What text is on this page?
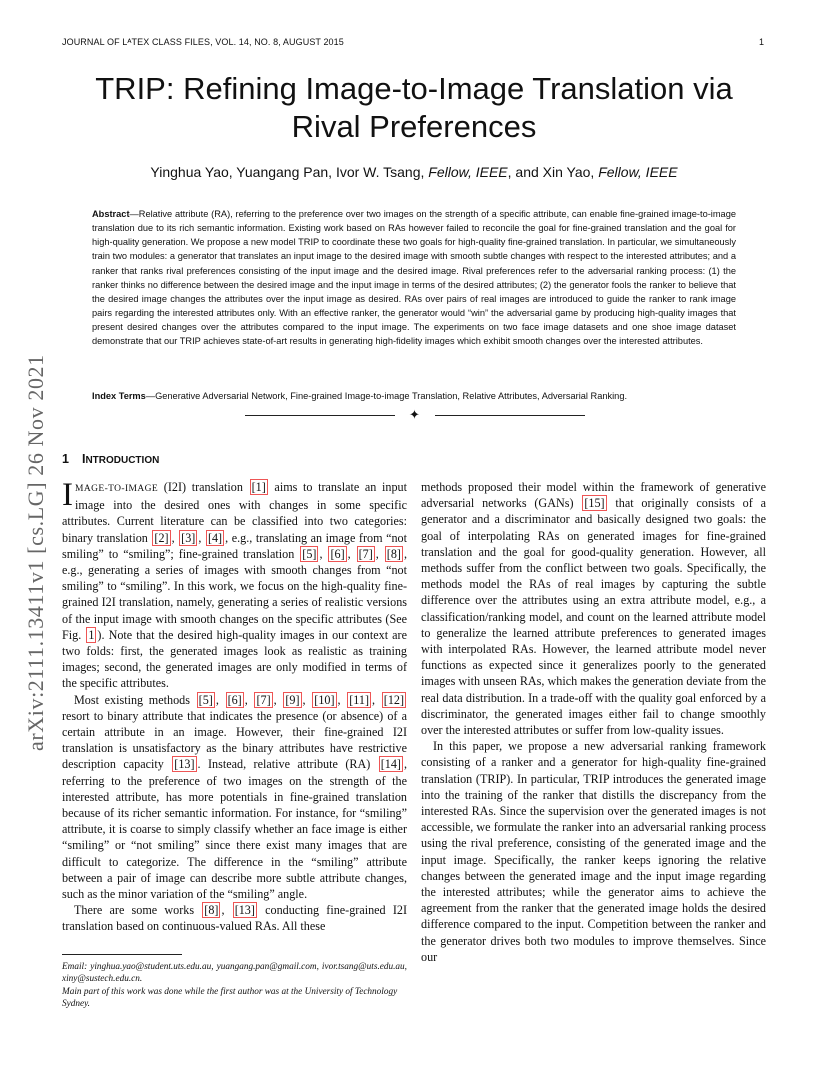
JOURNAL OF LᴬTEX CLASS FILES, VOL. 14, NO. 8, AUGUST 2015	1
TRIP: Refining Image-to-Image Translation via Rival Preferences
Yinghua Yao, Yuangang Pan, Ivor W. Tsang, Fellow, IEEE, and Xin Yao, Fellow, IEEE

Abstract—Relative attribute (RA), referring to the preference over two images on the strength of a specific attribute, can enable fine-grained image-to-image translation due to its rich semantic information. Existing work based on RAs however failed to reconcile the goal for fine-grained translation and the goal for high-quality generation. We propose a new model TRIP to coordinate these two goals for high-quality fine-grained translation. In particular, we simultaneously train two modules: a generator that translates an input image to the desired image with smooth subtle changes with respect to the interested attributes; and a ranker that ranks rival preferences consisting of the input image and the desired image. Rival preferences refer to the adversarial ranking process: (1) the ranker thinks no difference between the desired image and the input image in terms of the desired attributes; (2) the generator fools the ranker to believe that the desired image changes the attributes over the input image as desired. RAs over pairs of real images are introduced to guide the ranker to rank image pairs regarding the interested attributes only. With an effective ranker, the generator would “win” the adversarial game by producing high-quality images that present desired changes over the attributes compared to the input image. The experiments on two face image datasets and one shoe image dataset demonstrate that our TRIP achieves state-of-art results in generating high-fidelity images which exhibit smooth changes over the interested attributes.

Index Terms—Generative Adversarial Network, Fine-grained Image-to-image Translation, Relative Attributes, Adversarial Ranking.
✦
arXiv:2111.13411v1 [cs.LG] 26 Nov 2021 1 INTRODUCTION

IMAGE-TO-IMAGE (I2I) translation [1] aims to translate an input image into the desired ones with changes in some specific attributes. Current literature can be classified into two categories: binary translation [2] , [3] , [4] , e.g., translating an image from “not smiling” to “smiling”; fine-grained translation [5] , [6] , [7] , [8] , e.g., generating a series of images with smooth changes from “not smiling” to “smiling”. In this work, we focus on the high-quality fine-grained I2I translation, namely, generating a series of realistic versions of the input image with smooth changes on the specific attributes (See Fig. 1 ). Note that the desired high-quality images in our context are two folds: first, the generated images look as realistic as training images; second, the generated images are only modified in terms of the specific attributes.

Most existing methods [5] , [6] , [7] , [9] , [10] , [11] , [12] resort to binary attribute that indicates the presence (or absence) of a certain attribute in an image. However, their fine-grained I2I translation is unsatisfactory as the binary attributes have restrictive description capacity [13] . Instead, relative attribute (RA) [14] , referring to the preference of two images on the strength of the interested attribute, has more potentials in fine-grained translation because of its richer semantic information. For instance, for “smiling” attribute, it is coarse to simply classify whether an face image is either “smiling” or “not smiling” since there exist many images that are difficult to categorize. The difference in the “smiling” attribute between a pair of image can describe more subtle attribute changes, such as the minor variation of the “smiling” angle.

There are some works [8] , [13] conducting fine-grained I2I translation based on continuous-valued RAs. All these

methods proposed their model within the framework of generative adversarial networks (GANs) [15] that originally consists of a generator and a discriminator and basically designed two goals: the goal of interpolating RAs on generated images for fine-grained translation and the goal for good-quality generation. However, all methods suffer from the conflict between two goals. Specifically, the methods model the RAs of real images by capturing the subtle difference over the attributes using an extra attribute model, e.g., a classification/ranking model, and count on the learned attribute model to generalize the learned attribute preferences to generated images with interpolated RAs. However, the learned attribute model never functions as expected since it generalizes poorly to the generated images with unseen RAs, which makes the generation deviate from the real data distribution. In a trade-off with the quality goal enforced by a discriminator, the generated images either fail to change smoothly over the interested attributes or suffer from low-quality issues.

In this paper, we propose a new adversarial ranking framework consisting of a ranker and a generator for high-quality fine-grained translation (TRIP). In particular, TRIP introduces the generated image into the training of the ranker that distills the discrepancy from the interested RAs. Since the supervision over the generated images is not accessible, we formulate the ranker into an adversarial ranking process using the rival preference, consisting of the generated image and the input image. Specifically, the ranker keeps ignoring the relative changes between the generated image and the input image regarding the interested attributes; while the generator aims to achieve the agreement from the ranker that the generated image holds the desired difference compared to the input. Competition between the ranker and the generator drives both two modules to improve themselves. Since our

Email: yinghua.yao@student.uts.edu.au, yuangang.pan@gmail.com, ivor.tsang@uts.edu.au, xiny@sustech.edu.cn.

Main part of this work was done while the first author was at the University of Technology Sydney.
